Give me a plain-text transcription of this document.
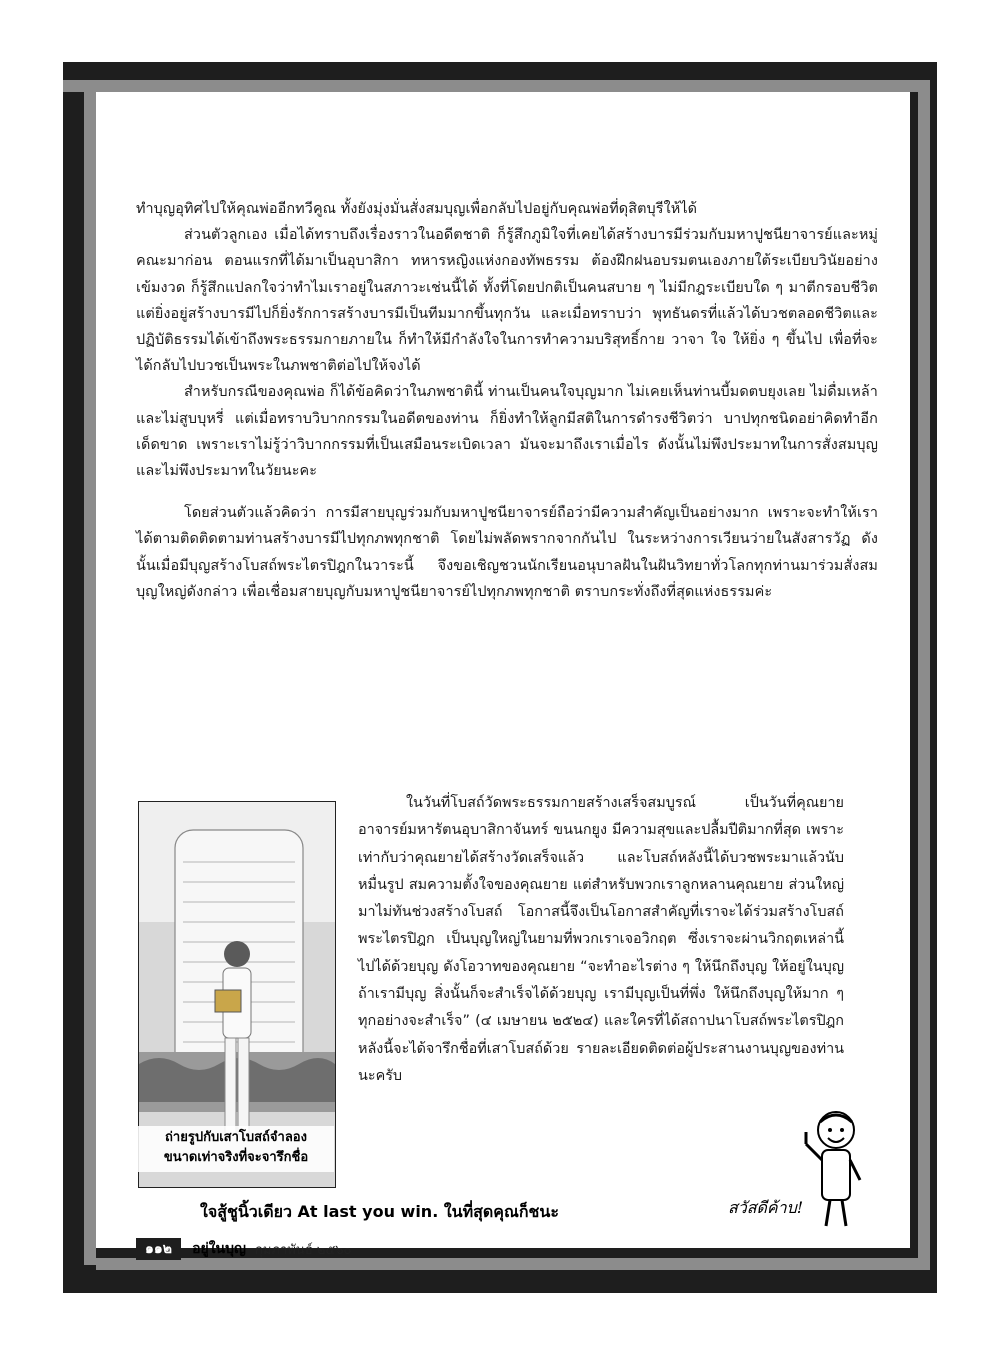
ทำบุญอุทิศไปให้คุณพ่ออีกทวีคูณ ทั้งยังมุ่งมั่นสั่งสมบุญเพื่อกลับไปอยู่กับคุณพ่อที่ดุสิตบุรีให้ได้

ส่วนตัวลูกเอง เมื่อได้ทราบถึงเรื่องราวในอดีตชาติ ก็รู้สึกภูมิใจที่เคยได้สร้างบารมีร่วมกับมหาปูชนียาจารย์และหมู่คณะมาก่อน ตอนแรกที่ได้มาเป็นอุบาสิกา ทหารหญิงแห่งกองทัพธรรม ต้องฝึกฝนอบรมตนเองภายใต้ระเบียบวินัยอย่างเข้มงวด ก็รู้สึกแปลกใจว่าทำไมเราอยู่ในสภาวะเช่นนี้ได้ ทั้งที่โดยปกติเป็นคนสบาย ๆ ไม่มีกฎระเบียบใด ๆ มาตีกรอบชีวิต แต่ยิ่งอยู่สร้างบารมีไปก็ยิ่งรักการสร้างบารมีเป็นทีมมากขึ้นทุกวัน และเมื่อทราบว่า พุทธันดรที่แล้วได้บวชตลอดชีวิตและปฏิบัติธรรมได้เข้าถึงพระธรรมกายภายใน ก็ทำให้มีกำลังใจในการทำความบริสุทธิ์กาย วาจา ใจ ให้ยิ่ง ๆ ขึ้นไป เพื่อที่จะได้กลับไปบวชเป็นพระในภพชาติต่อไปให้จงได้

สำหรับกรณีของคุณพ่อ ก็ได้ข้อคิดว่าในภพชาตินี้ ท่านเป็นคนใจบุญมาก ไม่เคยเห็นท่านบี้มดตบยุงเลย ไม่ดื่มเหล้าและไม่สูบบุหรี่ แต่เมื่อทราบวิบากกรรมในอดีตของท่าน ก็ยิ่งทำให้ลูกมีสติในการดำรงชีวิตว่า บาปทุกชนิดอย่าคิดทำอีกเด็ดขาด เพราะเราไม่รู้ว่าวิบากกรรมที่เป็นเสมือนระเบิดเวลา มันจะมาถึงเราเมื่อไร ดังนั้นไม่พึงประมาทในการสั่งสมบุญ และไม่พึงประมาทในวัยนะคะ

โดยส่วนตัวแล้วคิดว่า การมีสายบุญร่วมกับมหาปูชนียาจารย์ถือว่ามีความสำคัญเป็นอย่างมาก เพราะจะทำให้เราได้ตามติดติดตามท่านสร้างบารมีไปทุกภพทุกชาติ โดยไม่พลัดพรากจากกันไป ในระหว่างการเวียนว่ายในสังสารวัฏ ดังนั้นเมื่อมีบุญสร้างโบสถ์พระไตรปิฎกในวาระนี้ จึงขอเชิญชวนนักเรียนอนุบาลฝันในฝันวิทยาทั่วโลกทุกท่านมาร่วมสั่งสมบุญใหญ่ดังกล่าว เพื่อเชื่อมสายบุญกับมหาปูชนียาจารย์ไปทุกภพทุกชาติ ตราบกระทั่งถึงที่สุดแห่งธรรมค่ะ

ถ่ายรูปกับเสาโบสถ์จำลอง
ขนาดเท่าจริงที่จะจารึกชื่อ

ในวันที่โบสถ์วัดพระธรรมกายสร้างเสร็จสมบูรณ์ เป็นวันที่คุณยายอาจารย์มหารัตนอุบาสิกาจันทร์ ขนนกยูง มีความสุขและปลื้มปีติมากที่สุด เพราะเท่ากับว่าคุณยายได้สร้างวัดเสร็จแล้ว และโบสถ์หลังนี้ได้บวชพระมาแล้วนับหมื่นรูป สมความตั้งใจของคุณยาย แต่สำหรับพวกเราลูกหลานคุณยาย ส่วนใหญ่มาไม่ทันช่วงสร้างโบสถ์ โอกาสนี้จึงเป็นโอกาสสำคัญที่เราจะได้ร่วมสร้างโบสถ์พระไตรปิฎก เป็นบุญใหญ่ในยามที่พวกเราเจอวิกฤต ซึ่งเราจะผ่านวิกฤตเหล่านี้ไปได้ด้วยบุญ ดังโอวาทของคุณยาย “จะทำอะไรต่าง ๆ ให้นึกถึงบุญ ให้อยู่ในบุญ ถ้าเรามีบุญ สิ่งนั้นก็จะสำเร็จได้ด้วยบุญ เรามีบุญเป็นที่พึ่ง ให้นึกถึงบุญให้มาก ๆ ทุกอย่างจะสำเร็จ” (๔ เมษายน ๒๕๒๔) และใครที่ได้สถาปนาโบสถ์พระไตรปิฎกหลังนี้จะได้จารึกชื่อที่เสาโบสถ์ด้วย รายละเอียดติดต่อผู้ประสานงานบุญของท่านนะครับ

ใจสู้ชูนิ้วเดียว At last you win. ในที่สุดคุณก็ชนะ	สวัสดีค้าบ!
๑๑๒ อยู่ในบุญ กุมภาพันธ์ ๒๕๖๐
